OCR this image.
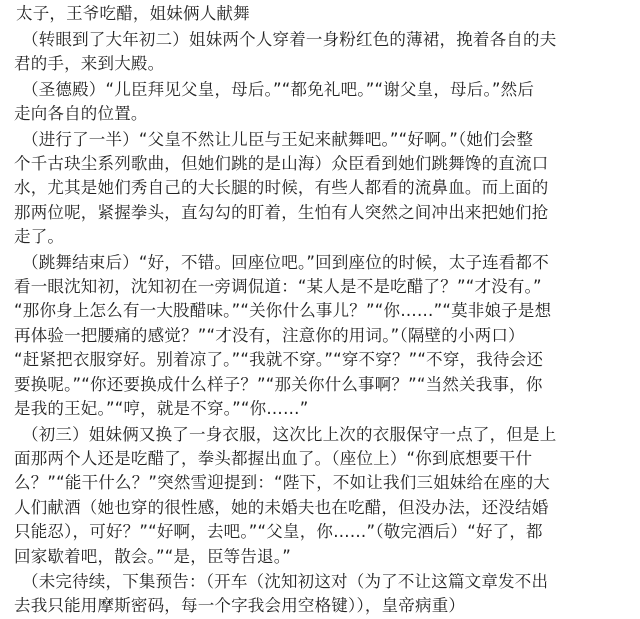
太子，王爷吃醋，姐妹俩人献舞
（转眼到了大年初二）姐妹两个人穿着一身粉红色的薄裙，挽着各自的夫
君的手，来到大殿。
（圣德殿）“儿臣拜见父皇，母后。”“都免礼吧。”“谢父皇，母后。”然后
走向各自的位置。
（进行了一半）“父皇不然让儿臣与王妃来献舞吧。”“好啊。”（她们会整
个千古玦尘系列歌曲，但她们跳的是山海）众臣看到她们跳舞馋的直流口
水，尤其是她们秀自己的大长腿的时候，有些人都看的流鼻血。而上面的
那两位呢，紧握拳头，直勾勾的盯着，生怕有人突然之间冲出来把她们抢
走了。
（跳舞结束后）“好，不错。回座位吧。”回到座位的时候，太子连看都不
看一眼沈知初，沈知初在一旁调侃道：“某人是不是吃醋了？”“才没有。”
“那你身上怎么有一大股醋味。”“关你什么事儿？”“你……”“莫非娘子是想
再体验一把腰痛的感觉？”“才没有，注意你的用词。”（隔壁的小两口）
“赶紧把衣服穿好。别着凉了。”“我就不穿。”“穿不穿？”“不穿，我待会还
要换呢。”“你还要换成什么样子？”“那关你什么事啊？”“当然关我事，你
是我的王妃。”“哼，就是不穿。”“你……”
（初三）姐妹俩又换了一身衣服，这次比上次的衣服保守一点了，但是上
面那两个人还是吃醋了，拳头都握出血了。（座位上）“你到底想要干什
么？”“能干什么？”突然雪迎提到：“陛下，不如让我们三姐妹给在座的大
人们献酒（她也穿的很性感，她的未婚夫也在吃醋，但没办法，还没结婚
只能忍），可好？”“好啊，去吧。”“父皇，你……”（敬完酒后）“好了，都
回家歇着吧，散会。”“是，臣等告退。”
（未完待续，下集预告：（开车（沈知初这对（为了不让这篇文章发不出
去我只能用摩斯密码，每一个字我会用空格键）），皇帝病重）
